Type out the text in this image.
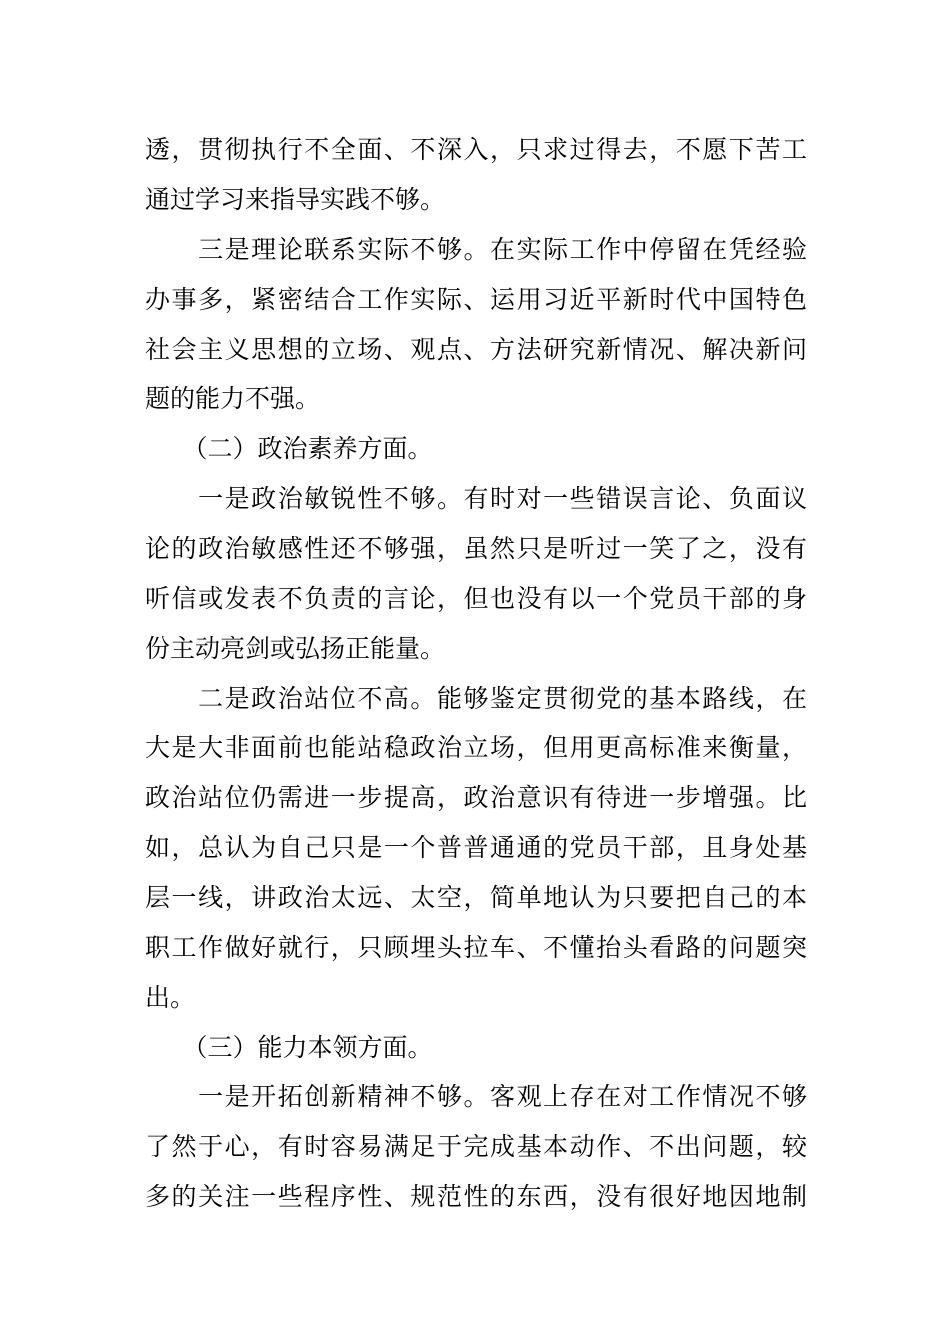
透，贯彻执行不全面、不深入，只求过得去，不愿下苦工
通过学习来指导实践不够。
　　三是理论联系实际不够。在实际工作中停留在凭经验
办事多，紧密结合工作实际、运用习近平新时代中国特色
社会主义思想的立场、观点、方法研究新情况、解决新问
题的能力不强。
　　（二）政治素养方面。
　　一是政治敏锐性不够。有时对一些错误言论、负面议
论的政治敏感性还不够强，虽然只是听过一笑了之，没有
听信或发表不负责的言论，但也没有以一个党员干部的身
份主动亮剑或弘扬正能量。
　　二是政治站位不高。能够鉴定贯彻党的基本路线，在
大是大非面前也能站稳政治立场，但用更高标准来衡量，
政治站位仍需进一步提高，政治意识有待进一步增强。比
如，总认为自己只是一个普普通通的党员干部，且身处基
层一线，讲政治太远、太空，简单地认为只要把自己的本
职工作做好就行，只顾埋头拉车、不懂抬头看路的问题突
出。
　　（三）能力本领方面。
　　一是开拓创新精神不够。客观上存在对工作情况不够
了然于心，有时容易满足于完成基本动作、不出问题，较
多的关注一些程序性、规范性的东西，没有很好地因地制
